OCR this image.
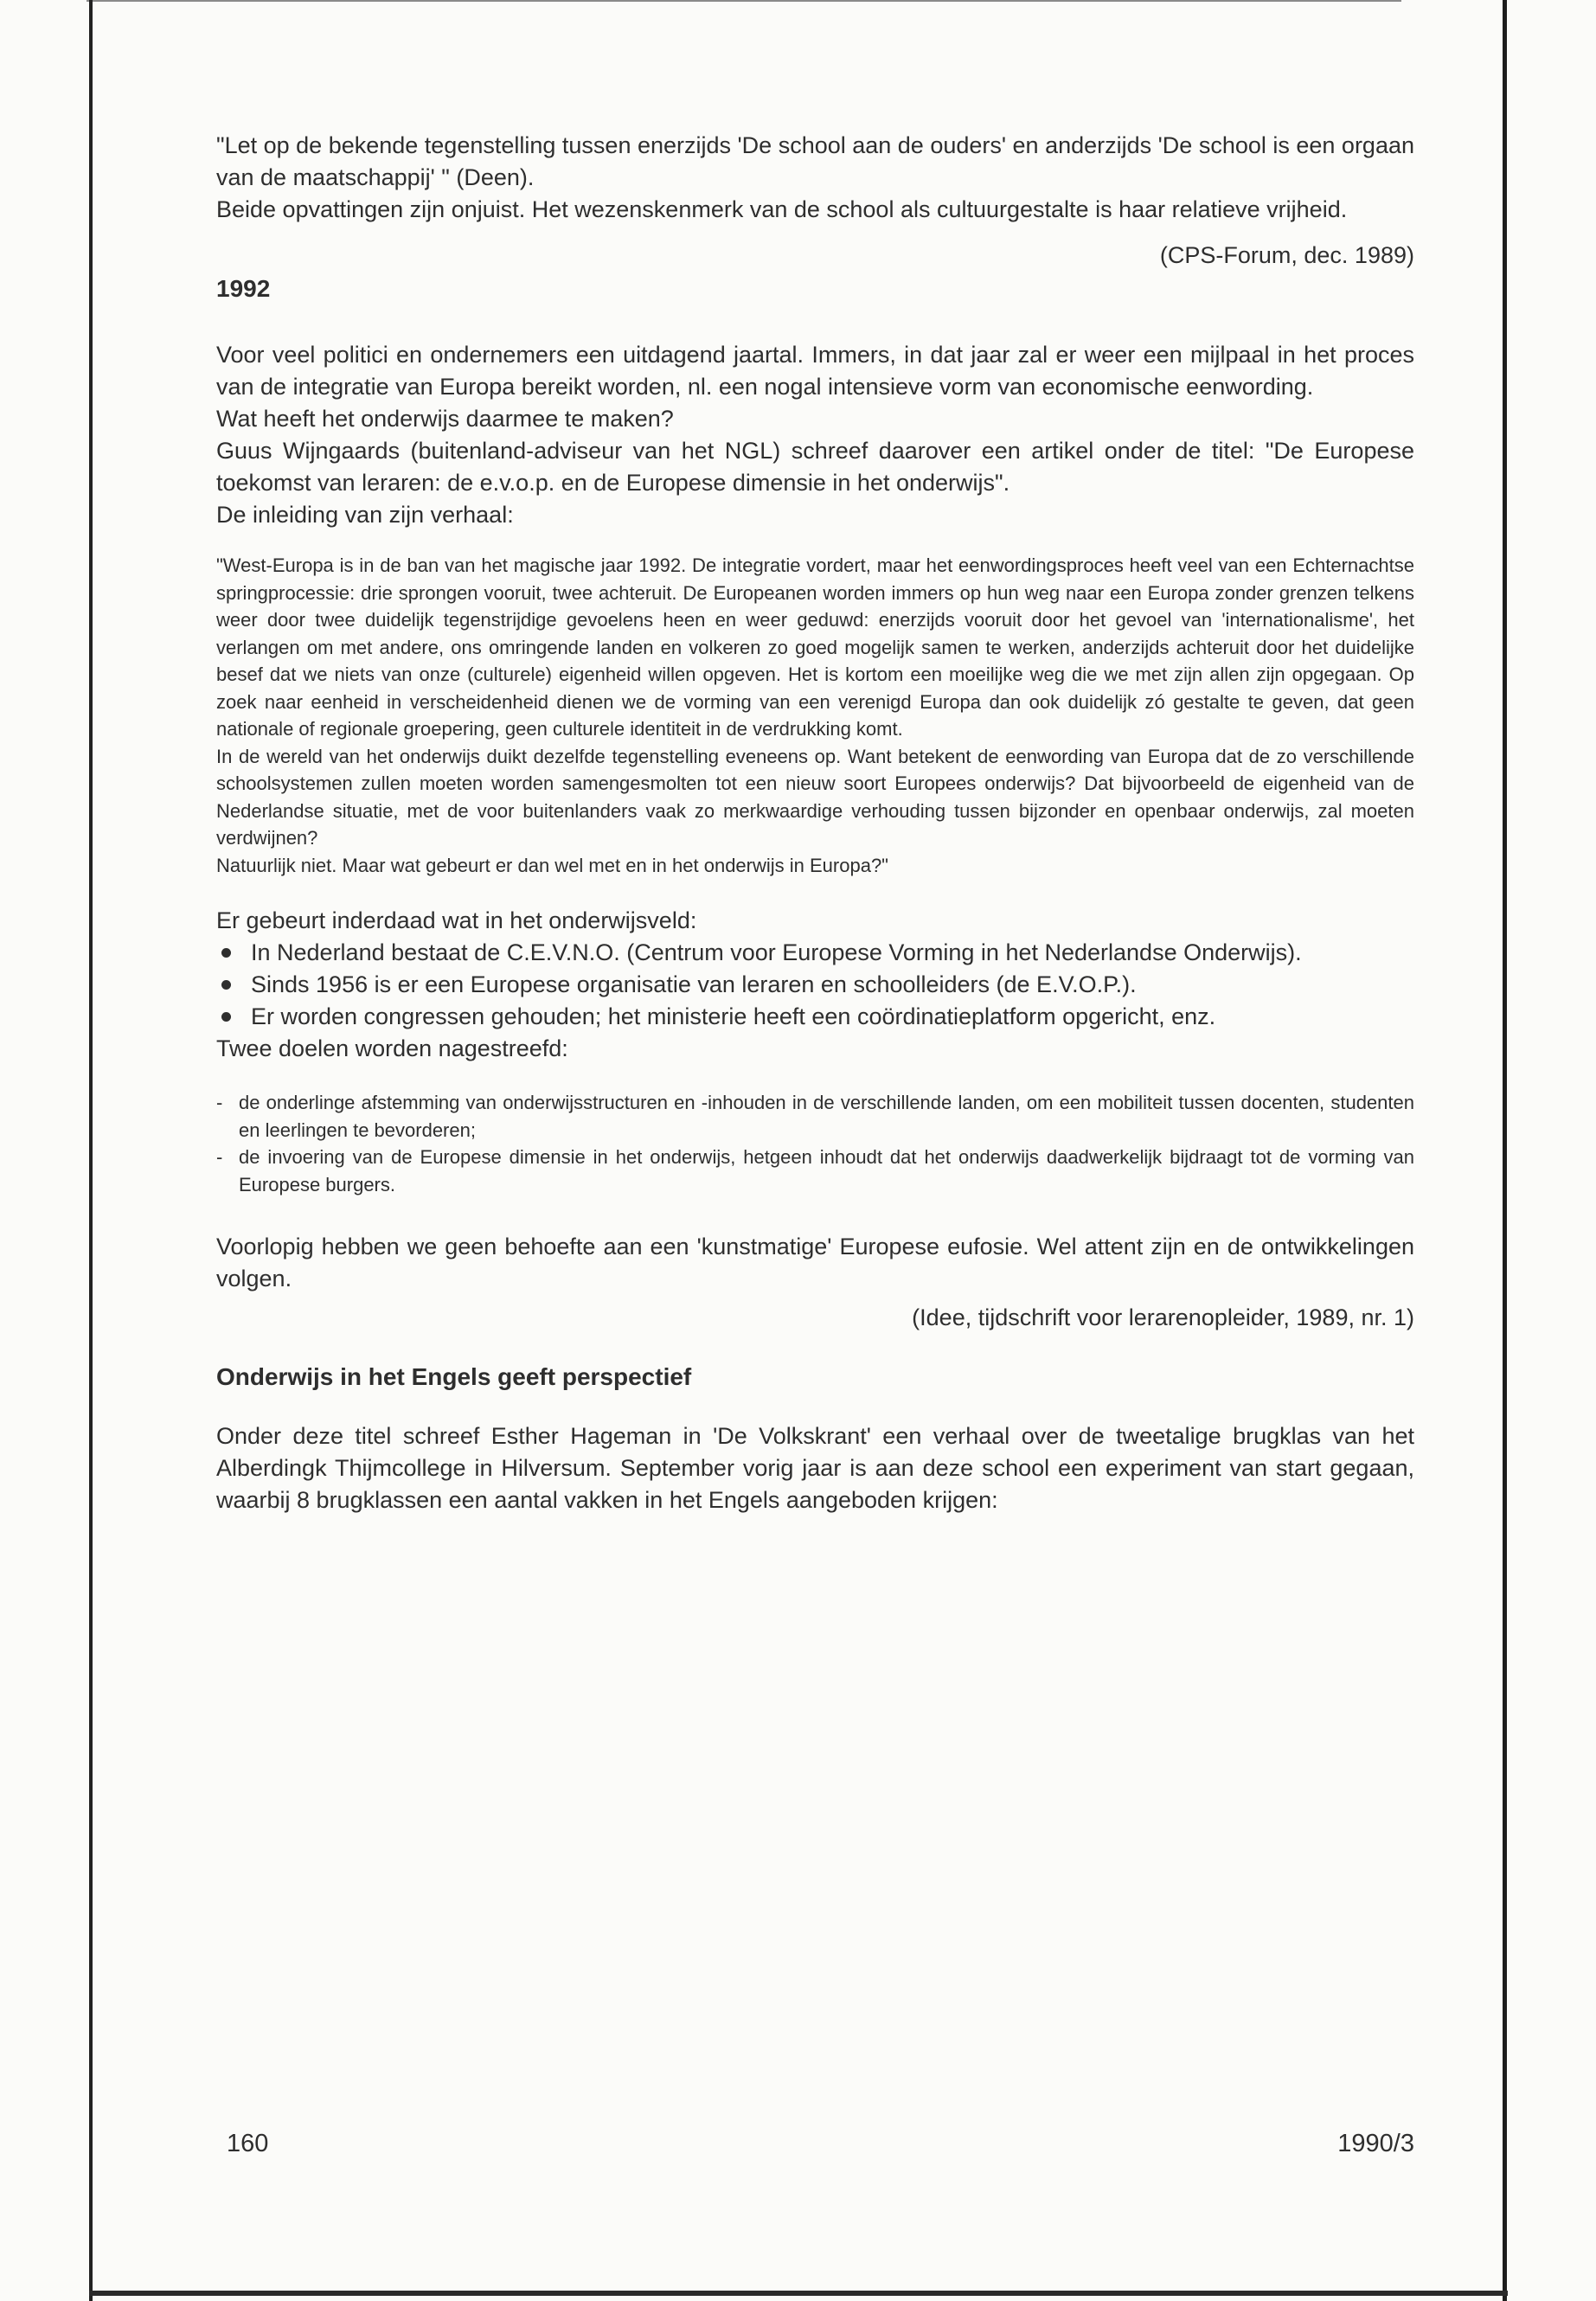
"Let op de bekende tegenstelling tussen enerzijds 'De school aan de ouders' en anderzijds 'De school is een orgaan van de maatschappij' " (Deen).

Beide opvattingen zijn onjuist. Het wezenskenmerk van de school als cultuurgestalte is haar relatieve vrijheid.

(CPS-Forum, dec. 1989)

1992

Voor veel politici en ondernemers een uitdagend jaartal. Immers, in dat jaar zal er weer een mijlpaal in het proces van de integratie van Europa bereikt worden, nl. een nogal intensieve vorm van economische eenwording.

Wat heeft het onderwijs daarmee te maken?

Guus Wijngaards (buitenland-adviseur van het NGL) schreef daarover een artikel onder de titel: "De Europese toekomst van leraren: de e.v.o.p. en de Europese dimensie in het onderwijs".

De inleiding van zijn verhaal:

"West-Europa is in de ban van het magische jaar 1992. De integratie vordert, maar het eenwordingsproces heeft veel van een Echternachtse springprocessie: drie sprongen vooruit, twee achteruit. De Europeanen worden immers op hun weg naar een Europa zonder grenzen telkens weer door twee duidelijk tegenstrijdige gevoelens heen en weer geduwd: enerzijds vooruit door het gevoel van 'internationalisme', het verlangen om met andere, ons omringende landen en volkeren zo goed mogelijk samen te werken, anderzijds achteruit door het duidelijke besef dat we niets van onze (culturele) eigenheid willen opgeven. Het is kortom een moeilijke weg die we met zijn allen zijn opgegaan. Op zoek naar eenheid in verscheidenheid dienen we de vorming van een verenigd Europa dan ook duidelijk zó gestalte te geven, dat geen nationale of regionale groepering, geen culturele identiteit in de verdrukking komt.

In de wereld van het onderwijs duikt dezelfde tegenstelling eveneens op. Want betekent de eenwording van Europa dat de zo verschillende schoolsystemen zullen moeten worden samengesmolten tot een nieuw soort Europees onderwijs? Dat bijvoorbeeld de eigenheid van de Nederlandse situatie, met de voor buitenlanders vaak zo merkwaardige verhouding tussen bijzonder en openbaar onderwijs, zal moeten verdwijnen?

Natuurlijk niet. Maar wat gebeurt er dan wel met en in het onderwijs in Europa?"

Er gebeurt inderdaad wat in het onderwijsveld:

In Nederland bestaat de C.E.V.N.O. (Centrum voor Europese Vorming in het Nederlandse Onderwijs).
Sinds 1956 is er een Europese organisatie van leraren en schoolleiders (de E.V.O.P.).
Er worden congressen gehouden; het ministerie heeft een coördinatieplatform opgericht, enz.

Twee doelen worden nagestreefd:

- de onderlinge afstemming van onderwijsstructuren en -inhouden in de verschillende landen, om een mobiliteit tussen docenten, studenten en leerlingen te bevorderen;
- de invoering van de Europese dimensie in het onderwijs, hetgeen inhoudt dat het onderwijs daadwerkelijk bijdraagt tot de vorming van Europese burgers.

Voorlopig hebben we geen behoefte aan een 'kunstmatige' Europese eufosie. Wel attent zijn en de ontwikkelingen volgen.

(Idee, tijdschrift voor lerarenopleider, 1989, nr. 1)

Onderwijs in het Engels geeft perspectief

Onder deze titel schreef Esther Hageman in 'De Volkskrant' een verhaal over de tweetalige brugklas van het Alberdingk Thijmcollege in Hilversum. September vorig jaar is aan deze school een experiment van start gegaan, waarbij 8 brugklassen een aantal vakken in het Engels aangeboden krijgen:

160	1990/3
